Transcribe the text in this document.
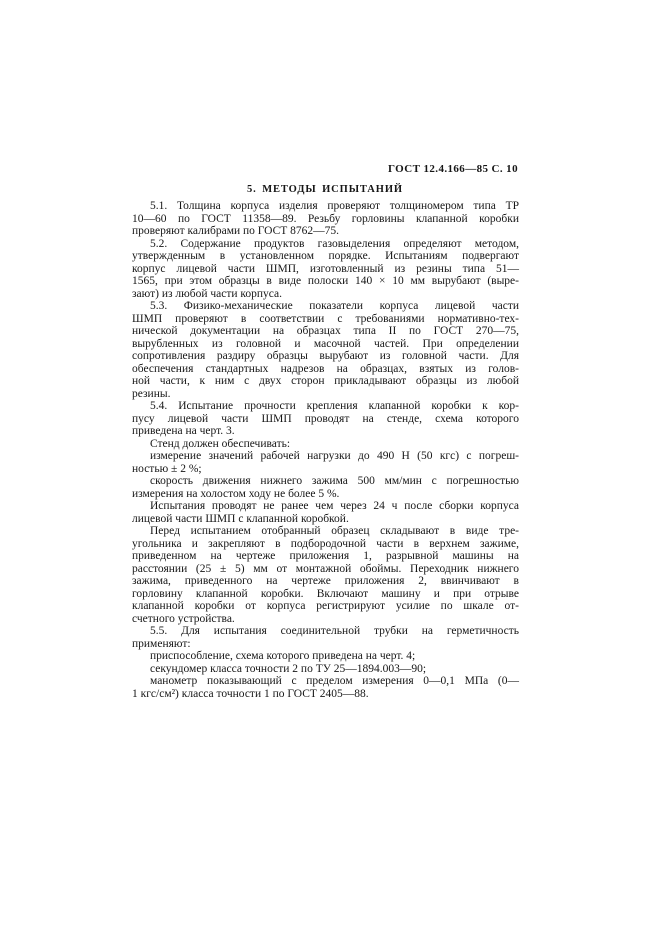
ГОСТ 12.4.166—85 С. 10
5. МЕТОДЫ ИСПЫТАНИЙ
5.1. Толщина корпуса изделия проверяют толщиномером типа ТР
10—60 по ГОСТ 11358—89. Резьбу горловины клапанной коробки
проверяют калибрами по ГОСТ 8762—75.
5.2. Содержание продуктов газовыделения определяют методом,
утвержденным в установленном порядке. Испытаниям подвергают
корпус лицевой части ШМП, изготовленный из резины типа 51—
1565, при этом образцы в виде полоски 140 × 10 мм вырубают (выре-
зают) из любой части корпуса.
5.3. Физико-механические показатели корпуса лицевой части
ШМП проверяют в соответствии с требованиями нормативно-тех-
нической документации на образцах типа II по ГОСТ 270—75,
вырубленных из головной и масочной частей. При определении
сопротивления раздиру образцы вырубают из головной части. Для
обеспечения стандартных надрезов на образцах, взятых из голов-
ной части, к ним с двух сторон прикладывают образцы из любой
резины.
5.4. Испытание прочности крепления клапанной коробки к кор-
пусу лицевой части ШМП проводят на стенде, схема которого
приведена на черт. 3.
Стенд должен обеспечивать:
измерение значений рабочей нагрузки до 490 Н (50 кгс) с погреш-
ностью ± 2 %;
скорость движения нижнего зажима 500 мм/мин с погрешностью
измерения на холостом ходу не более 5 %.
Испытания проводят не ранее чем через 24 ч после сборки корпуса
лицевой части ШМП с клапанной коробкой.
Перед испытанием отобранный образец складывают в виде тре-
угольника и закрепляют в подбородочной части в верхнем зажиме,
приведенном на чертеже приложения 1, разрывной машины на
расстоянии (25 ± 5) мм от монтажной обоймы. Переходник нижнего
зажима, приведенного на чертеже приложения 2, ввинчивают в
горловину клапанной коробки. Включают машину и при отрыве
клапанной коробки от корпуса регистрируют усилие по шкале от-
счетного устройства.
5.5. Для испытания соединительной трубки на герметичность
применяют:
приспособление, схема которого приведена на черт. 4;
секундомер класса точности 2 по ТУ 25—1894.003—90;
манометр показывающий с пределом измерения 0—0,1 МПа (0—
1 кгс/см²) класса точности 1 по ГОСТ 2405—88.
